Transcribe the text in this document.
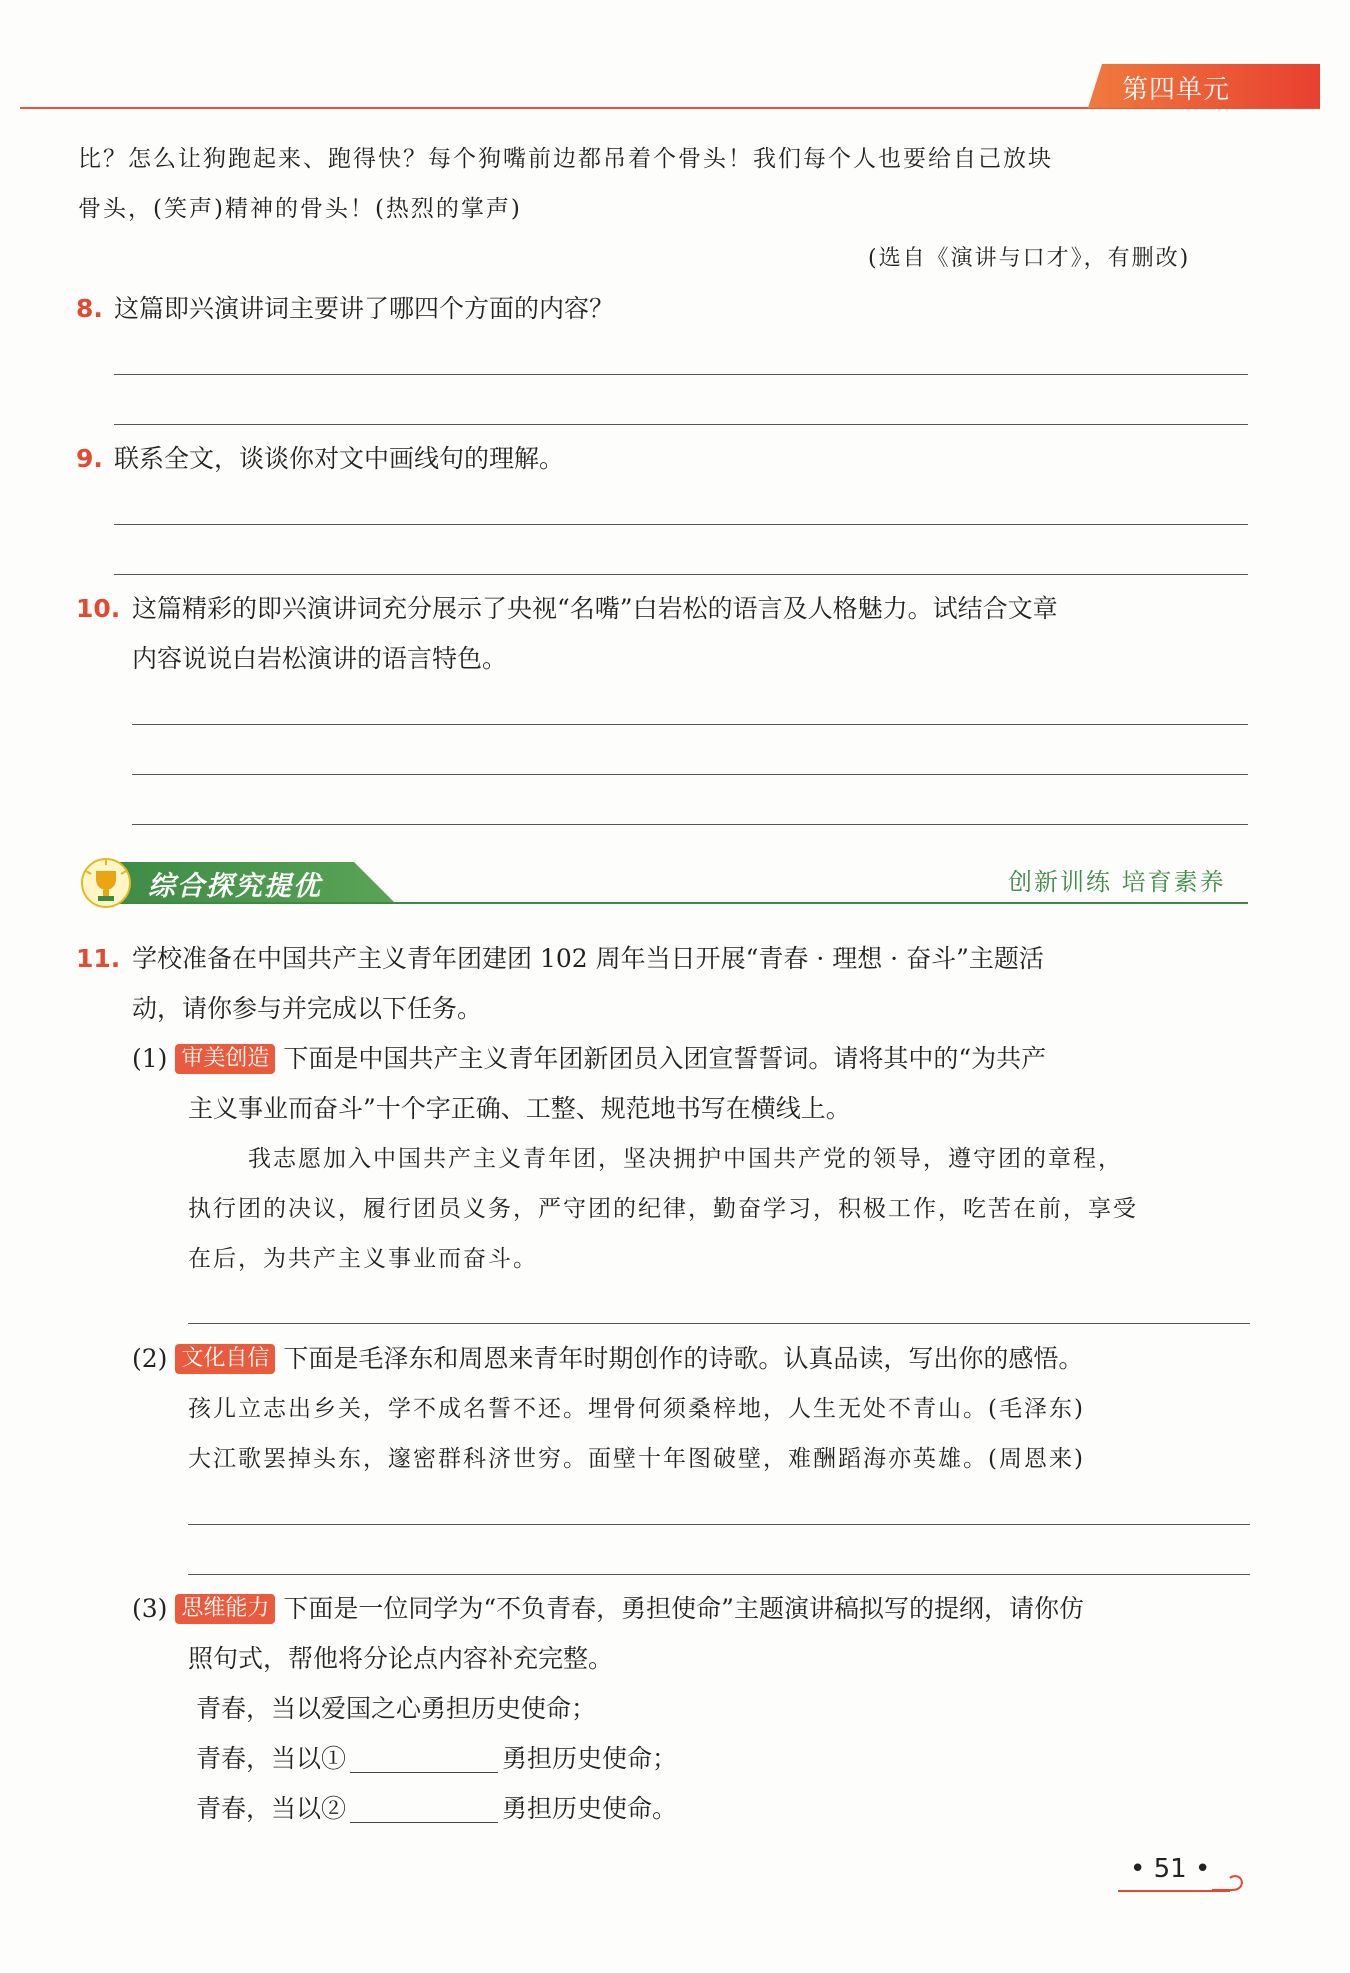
第四单元
比？怎么让狗跑起来、跑得快？每个狗嘴前边都吊着个骨头！我们每个人也要给自己放块
骨头，(笑声)精神的骨头！(热烈的掌声)
(选自《演讲与口才》，有删改)
8. 这篇即兴演讲词主要讲了哪四个方面的内容？
9. 联系全文，谈谈你对文中画线句的理解。
10. 这篇精彩的即兴演讲词充分展示了央视“名嘴”白岩松的语言及人格魅力。试结合文章
内容说说白岩松演讲的语言特色。
综合探究提优	创新训练 培育素养
11. 学校准备在中国共产主义青年团建团 102 周年当日开展“青春 · 理想 · 奋斗”主题活
动，请你参与并完成以下任务。
(1) 审美创造 下面是中国共产主义青年团新团员入团宣誓誓词。请将其中的“为共产
主义事业而奋斗”十个字正确、工整、规范地书写在横线上。
我志愿加入中国共产主义青年团，坚决拥护中国共产党的领导，遵守团的章程，
执行团的决议，履行团员义务，严守团的纪律，勤奋学习，积极工作，吃苦在前，享受
在后，为共产主义事业而奋斗。
(2) 文化自信 下面是毛泽东和周恩来青年时期创作的诗歌。认真品读，写出你的感悟。
孩儿立志出乡关，学不成名誓不还。埋骨何须桑梓地，人生无处不青山。(毛泽东)
大江歌罢掉头东，邃密群科济世穷。面壁十年图破壁，难酬蹈海亦英雄。(周恩来)
(3) 思维能力 下面是一位同学为“不负青春，勇担使命”主题演讲稿拟写的提纲，请你仿
照句式，帮他将分论点内容补充完整。
青春，当以爱国之心勇担历史使命；
青春，当以①	勇担历史使命；
青春，当以②	勇担历史使命。
• 51 •
